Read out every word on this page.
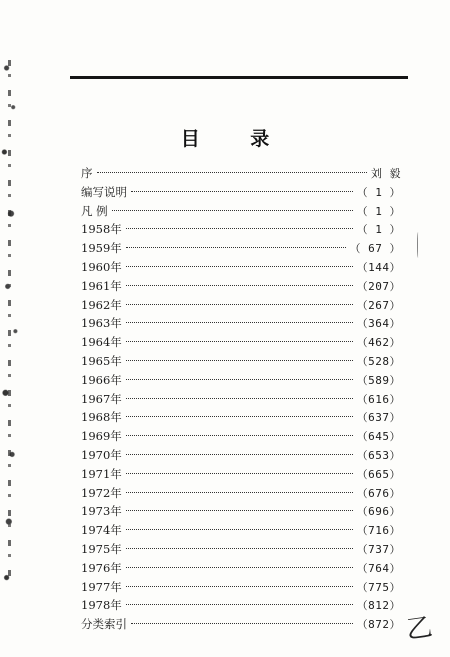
目 录
序	刘 毅
编写说明	（ 1 ）
凡 例	（ 1 ）
1958年	（ 1 ）
1959年	（ 67 ）
1960年	（144）
1961年	（207）
1962年	（267）
1963年	（364）
1964年	（462）
1965年	（528）
1966年	（589）
1967年	（616）
1968年	（637）
1969年	（645）
1970年	（653）
1971年	（665）
1972年	（676）
1973年	（696）
1974年	（716）
1975年	（737）
1976年	（764）
1977年	（775）
1978年	（812）
分类索引	（872） 乙
